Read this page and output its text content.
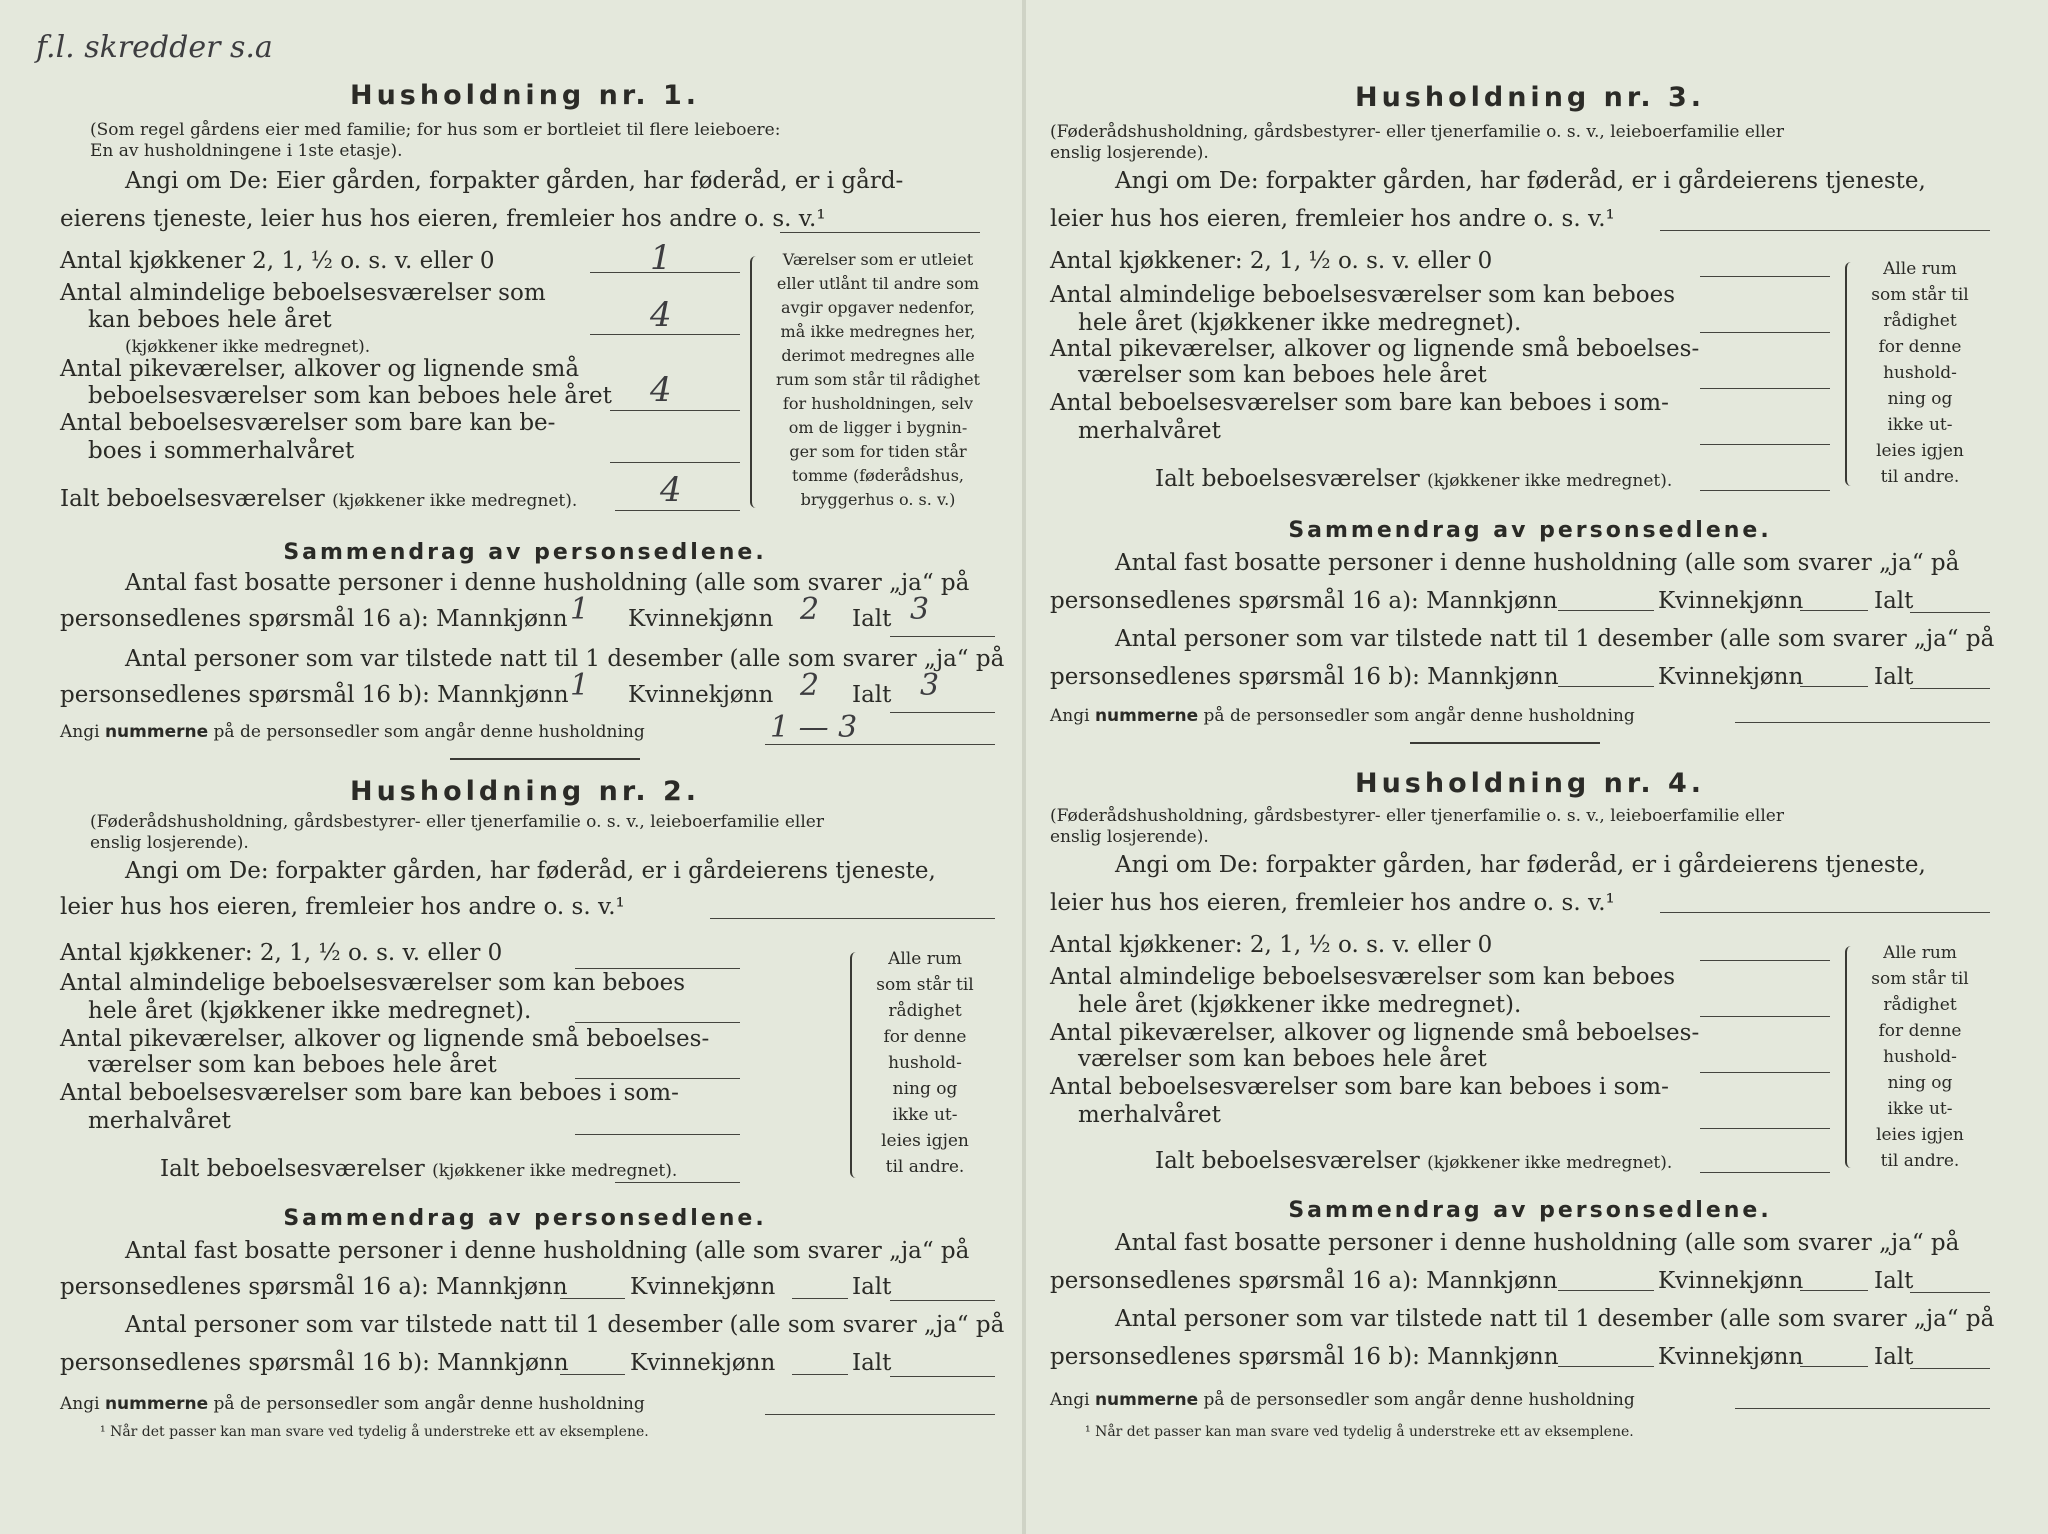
f.l. skredder s.a
Husholdning nr. 1.
(Som regel gårdens eier med familie; for hus som er bortleiet til flere leieboere:
En av husholdningene i 1ste etasje).
Angi om De: Eier gården, forpakter gården, har føderåd, er i gård-
eierens tjeneste, leier hus hos eieren, fremleier hos andre o. s. v.¹
Antal kjøkkener 2, 1, ½ o. s. v. eller 0	1
Antal almindelige beboelsesværelser som
kan beboes hele året
(kjøkkener ikke medregnet).
4
Antal pikeværelser, alkover og lignende små
beboelsesværelser som kan beboes hele året 4
Antal beboelsesværelser som bare kan be-
boes i sommerhalvåret
Ialt beboelsesværelser (kjøkkener ikke medregnet). 4
Værelser som er utleiet
eller utlånt til andre som
avgir opgaver nedenfor,
må ikke medregnes her,
derimot medregnes alle
rum som står til rådighet
for husholdningen, selv
om de ligger i bygnin-
ger som for tiden står
tomme (føderådshus,
bryggerhus o. s. v.)
Sammendrag av personsedlene.
Antal fast bosatte personer i denne husholdning (alle som svarer „ja“ på
personsedlenes spørsmål 16 a): Mannkjønn 1 Kvinnekjønn 2 Ialt 3
Antal personer som var tilstede natt til 1 desember (alle som svarer „ja“ på
personsedlenes spørsmål 16 b): Mannkjønn 1 Kvinnekjønn 2 Ialt 3
Angi nummerne på de personsedler som angår denne husholdning	1 — 3
Husholdning nr. 2.
(Føderådshusholdning, gårdsbestyrer- eller tjenerfamilie o. s. v., leieboerfamilie eller
enslig losjerende).
Angi om De: forpakter gården, har føderåd, er i gårdeierens tjeneste,
leier hus hos eieren, fremleier hos andre o. s. v.¹
Antal kjøkkener: 2, 1, ½ o. s. v. eller 0
Antal almindelige beboelsesværelser som kan beboes
hele året (kjøkkener ikke medregnet).
Antal pikeværelser, alkover og lignende små beboelses-
værelser som kan beboes hele året
Antal beboelsesværelser som bare kan beboes i som-
merhalvåret
Ialt beboelsesværelser (kjøkkener ikke medregnet).
Alle rum
som står til
rådighet
for denne
hushold-
ning og
ikke ut-
leies igjen
til andre.
Sammendrag av personsedlene.
Antal fast bosatte personer i denne husholdning (alle som svarer „ja“ på
personsedlenes spørsmål 16 a): Mannkjønn	Kvinnekjønn	Ialt
Antal personer som var tilstede natt til 1 desember (alle som svarer „ja“ på
personsedlenes spørsmål 16 b): Mannkjønn	Kvinnekjønn	Ialt
Angi nummerne på de personsedler som angår denne husholdning
¹ Når det passer kan man svare ved tydelig å understreke ett av eksemplene.
Husholdning nr. 3.
(Føderådshusholdning, gårdsbestyrer- eller tjenerfamilie o. s. v., leieboerfamilie eller
enslig losjerende).
Angi om De: forpakter gården, har føderåd, er i gårdeierens tjeneste,
leier hus hos eieren, fremleier hos andre o. s. v.¹
Antal kjøkkener: 2, 1, ½ o. s. v. eller 0
Antal almindelige beboelsesværelser som kan beboes
hele året (kjøkkener ikke medregnet).
Antal pikeværelser, alkover og lignende små beboelses-
værelser som kan beboes hele året
Antal beboelsesværelser som bare kan beboes i som-
merhalvåret
Ialt beboelsesværelser (kjøkkener ikke medregnet).
Alle rum
som står til
rådighet
for denne
hushold-
ning og
ikke ut-
leies igjen
til andre.
Sammendrag av personsedlene.
Antal fast bosatte personer i denne husholdning (alle som svarer „ja“ på
personsedlenes spørsmål 16 a): Mannkjønn	Kvinnekjønn	Ialt
Antal personer som var tilstede natt til 1 desember (alle som svarer „ja“ på
personsedlenes spørsmål 16 b): Mannkjønn	Kvinnekjønn	Ialt
Angi nummerne på de personsedler som angår denne husholdning
Husholdning nr. 4.
(Føderådshusholdning, gårdsbestyrer- eller tjenerfamilie o. s. v., leieboerfamilie eller
enslig losjerende).
Angi om De: forpakter gården, har føderåd, er i gårdeierens tjeneste,
leier hus hos eieren, fremleier hos andre o. s. v.¹
Antal kjøkkener: 2, 1, ½ o. s. v. eller 0
Antal almindelige beboelsesværelser som kan beboes
hele året (kjøkkener ikke medregnet).
Antal pikeværelser, alkover og lignende små beboelses-
værelser som kan beboes hele året
Antal beboelsesværelser som bare kan beboes i som-
merhalvåret
Ialt beboelsesværelser (kjøkkener ikke medregnet).
Alle rum
som står til
rådighet
for denne
hushold-
ning og
ikke ut-
leies igjen
til andre.
Sammendrag av personsedlene.
Antal fast bosatte personer i denne husholdning (alle som svarer „ja“ på
personsedlenes spørsmål 16 a): Mannkjønn	Kvinnekjønn	Ialt
Antal personer som var tilstede natt til 1 desember (alle som svarer „ja“ på
personsedlenes spørsmål 16 b): Mannkjønn	Kvinnekjønn	Ialt
Angi nummerne på de personsedler som angår denne husholdning
¹ Når det passer kan man svare ved tydelig å understreke ett av eksemplene.
